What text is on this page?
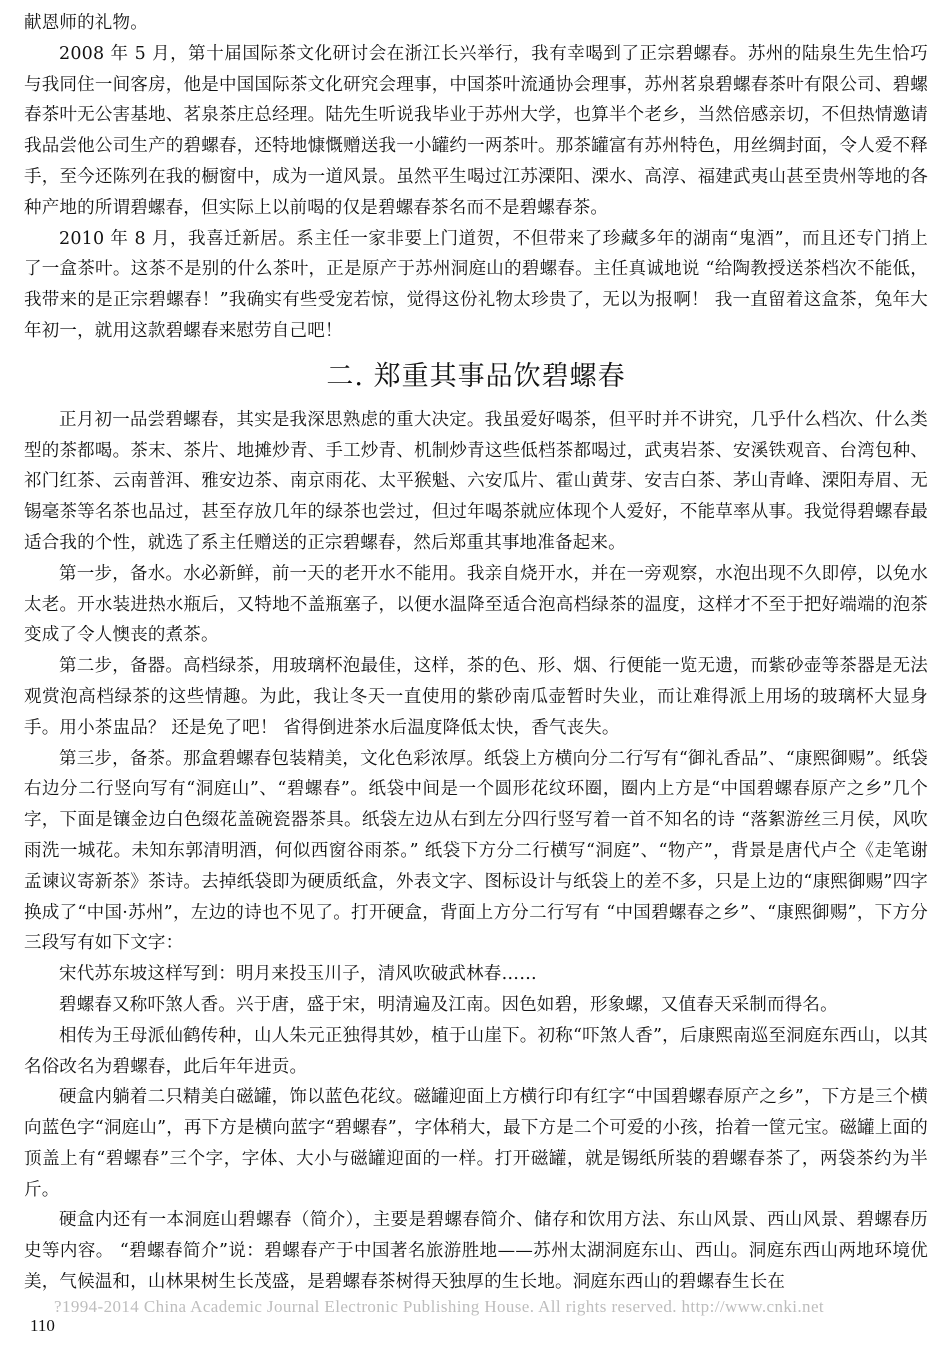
献恩师的礼物。

2008 年 5 月，第十届国际茶文化研讨会在浙江长兴举行，我有幸喝到了正宗碧螺春。苏州的陆泉生先生恰巧与我同住一间客房，他是中国国际茶文化研究会理事，中国茶叶流通协会理事，苏州茗泉碧螺春茶叶有限公司、碧螺春茶叶无公害基地、茗泉茶庄总经理。陆先生听说我毕业于苏州大学，也算半个老乡，当然倍感亲切，不但热情邀请我品尝他公司生产的碧螺春，还特地慷慨赠送我一小罐约一两茶叶。那茶罐富有苏州特色，用丝绸封面，令人爱不释手，至今还陈列在我的橱窗中，成为一道风景。虽然平生喝过江苏溧阳、溧水、高淳、福建武夷山甚至贵州等地的各种产地的所谓碧螺春，但实际上以前喝的仅是碧螺春茶名而不是碧螺春茶。

2010 年 8 月，我喜迁新居。系主任一家非要上门道贺，不但带来了珍藏多年的湖南“鬼酒”，而且还专门捎上了一盒茶叶。这茶不是别的什么茶叶，正是原产于苏州洞庭山的碧螺春。主任真诚地说 “给陶教授送茶档次不能低，我带来的是正宗碧螺春！”我确实有些受宠若惊，觉得这份礼物太珍贵了，无以为报啊！ 我一直留着这盒茶，兔年大年初一，就用这款碧螺春来慰劳自己吧！

二. 郑重其事品饮碧螺春

正月初一品尝碧螺春，其实是我深思熟虑的重大决定。我虽爱好喝茶，但平时并不讲究，几乎什么档次、什么类型的茶都喝。茶末、茶片、地摊炒青、手工炒青、机制炒青这些低档茶都喝过，武夷岩茶、安溪铁观音、台湾包种、祁门红茶、云南普洱、雅安边茶、南京雨花、太平猴魁、六安瓜片、霍山黄芽、安吉白茶、茅山青峰、溧阳寿眉、无锡毫茶等名茶也品过，甚至存放几年的绿茶也尝过，但过年喝茶就应体现个人爱好，不能草率从事。我觉得碧螺春最适合我的个性，就选了系主任赠送的正宗碧螺春，然后郑重其事地准备起来。

第一步，备水。水必新鲜，前一天的老开水不能用。我亲自烧开水，并在一旁观察，水泡出现不久即停，以免水太老。开水装进热水瓶后，又特地不盖瓶塞子，以便水温降至适合泡高档绿茶的温度，这样才不至于把好端端的泡茶变成了令人懊丧的煮茶。

第二步，备器。高档绿茶，用玻璃杯泡最佳，这样，茶的色、形、烟、行便能一览无遗，而紫砂壶等茶器是无法观赏泡高档绿茶的这些情趣。为此，我让冬天一直使用的紫砂南瓜壶暂时失业，而让难得派上用场的玻璃杯大显身手。用小茶盅品？ 还是免了吧！ 省得倒进茶水后温度降低太快，香气丧失。

第三步，备茶。那盒碧螺春包装精美，文化色彩浓厚。纸袋上方横向分二行写有“御礼香品”、“康熙御赐”。纸袋右边分二行竖向写有“洞庭山”、“碧螺春”。纸袋中间是一个圆形花纹环圈，圈内上方是“中国碧螺春原产之乡”几个字，下面是镶金边白色缀花盖碗瓷器茶具。纸袋左边从右到左分四行竖写着一首不知名的诗 “落絮游丝三月侯，风吹雨洗一城花。未知东郭清明酒，何似西窗谷雨茶。” 纸袋下方分二行横写“洞庭”、“物产”，背景是唐代卢仝《走笔谢孟谏议寄新茶》茶诗。去掉纸袋即为硬质纸盒，外表文字、图标设计与纸袋上的差不多，只是上边的“康熙御赐”四字换成了“中国·苏州”，左边的诗也不见了。打开硬盒，背面上方分二行写有 “中国碧螺春之乡”、“康熙御赐”，下方分三段写有如下文字：

宋代苏东坡这样写到：明月来投玉川子，清风吹破武林春……

碧螺春又称吓煞人香。兴于唐，盛于宋，明清遍及江南。因色如碧，形象螺，又值春天采制而得名。

相传为王母派仙鹤传种，山人朱元正独得其妙，植于山崖下。初称“吓煞人香”，后康熙南巡至洞庭东西山，以其名俗改名为碧螺春，此后年年进贡。

硬盒内躺着二只精美白磁罐，饰以蓝色花纹。磁罐迎面上方横行印有红字“中国碧螺春原产之乡”，下方是三个横向蓝色字“洞庭山”，再下方是横向蓝字“碧螺春”，字体稍大，最下方是二个可爱的小孩，抬着一筐元宝。磁罐上面的顶盖上有“碧螺春”三个字，字体、大小与磁罐迎面的一样。打开磁罐，就是锡纸所装的碧螺春茶了，两袋茶约为半斤。

硬盒内还有一本洞庭山碧螺春（简介），主要是碧螺春简介、储存和饮用方法、东山风景、西山风景、碧螺春历史等内容。 “碧螺春简介”说：碧螺春产于中国著名旅游胜地——苏州太湖洞庭东山、西山。洞庭东西山两地环境优美，气候温和，山林果树生长茂盛，是碧螺春茶树得天独厚的生长地。洞庭东西山的碧螺春生长在

?1994-2014 China Academic Journal Electronic Publishing House. All rights reserved. http://www.cnki.net
110
